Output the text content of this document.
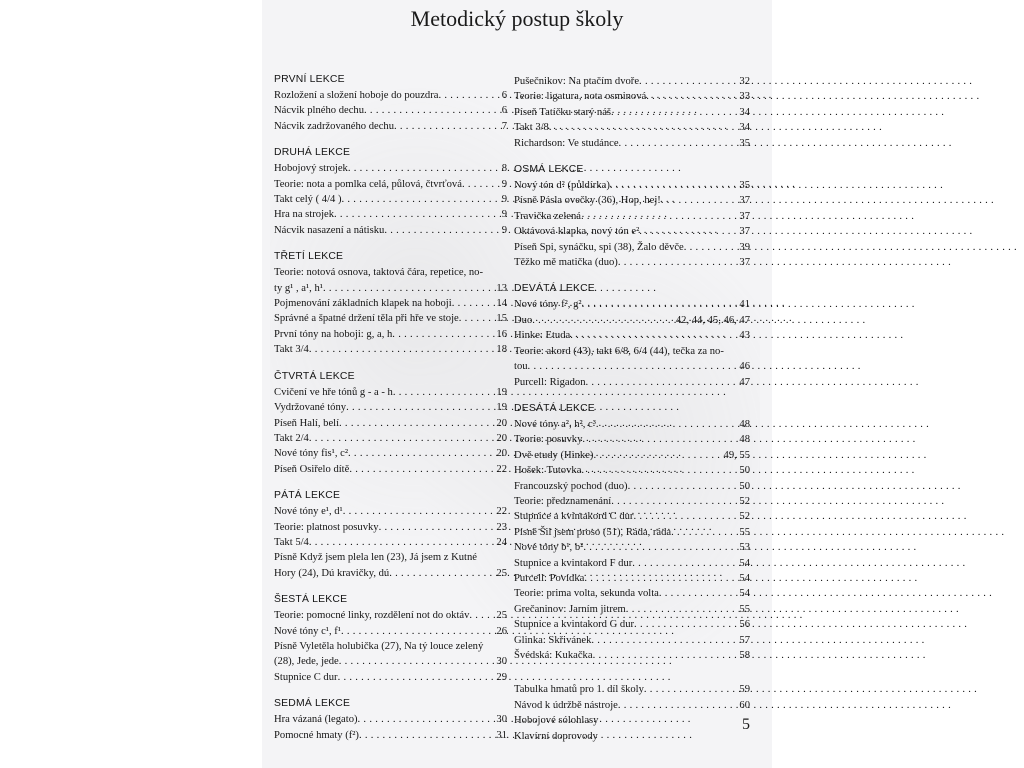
Metodický postup školy
PRVNÍ LEKCE
Rozložení a složení hoboje do pouzdra . . .	6
Nácvik plného dechu . . .	6
Nácvik zadržovaného dechu . . .	7
DRUHÁ LEKCE
Hobojový strojek . . .	8
Teorie: nota a pomlka celá, půlová, čtvrťová . . .	9
Takt celý ( 4/4 ) . . .	9
Hra na strojek . . .	9
Nácvik nasazení a nátisku . . .	9
TŘETÍ LEKCE
Teorie: notová osnova, taktová čára, repetice, no-
ty g¹ , a¹, h¹ . . .	13
Pojmenování základních klapek na hoboji . . .	14
Správné a špatné držení těla při hře ve stoje . . .	15
První tóny na hoboji: g, a, h . . .	16
Takt 3/4 . . .	18
ČTVRTÁ LEKCE
Cvičení ve hře tónů g - a - h . . .	19
Vydržované tóny . . .	19
Píseň Halí, belí . . .	20
Takt 2/4 . . .	20
Nové tóny fis¹, c² . . .	20
Píseň Osiřelo dítě . . .	22
PÁTÁ LEKCE
Nové tóny e¹, d¹ . . .	22
Teorie: platnost posuvky . . .	23
Takt 5/4 . . .	24
Písně Když jsem plela len (23), Já jsem z Kutné
Hory (24), Dú kravičky, dú . . .	25
ŠESTÁ LEKCE
Teorie: pomocné linky, rozdělení not do oktáv . . .	25
Nové tóny c¹, f¹ . . .	26
Písně Vyletěla holubička (27), Na tý louce zelený
(28), Jede, jede . . .	30
Stupnice C dur . . .	29
SEDMÁ LEKCE
Hra vázaná (legato) . . .	30
Pomocné hmaty (f²) . . .	31
Pušečnikov: Na ptačím dvoře . . .	32
Teorie: ligatura, nota osminová . . .	33
Píseň Tatíčku starý náš . . .	34
Takt 3/8 . . .	34
Richardson: Ve studánce . . .	35
OSMÁ LEKCE
Nový tón d² (půldírka) . . .	35
Písně Pásla ovečky (36), Hop, hej! . . .	37
Travička zelená . . .	37
Oktávová klapka, nový tón e² . . .	37
Píseň Spi, synáčku, spi (38), Žalo děvče . . .	39
Těžko mě matička (duo) . . .	37
DEVÁTÁ LEKCE
Nové tóny f², g² . . .	41
Duo . . .	42, 44, 45, 46, 47
Hinke: Etuda . . .	43
Teorie: akord (43), takt 6/8, 6/4 (44), tečka za no-
tou . . .	46
Purcell: Rigadon . . .	47
DESÁTÁ LEKCE
Nové tóny a², h², c³ . . .	48
Teorie: posuvky . . .	48
Dvě etudy (Hinke) . . .	49, 55
Hošek: Tutovka . . .	50
Francouzský pochod (duo) . . .	50
Teorie: předznamenání . . .	52
Stupnice a kvintakord C dur . . .	52
Písně Šil jsem proso (51), Ráda, ráda . . .	55
Nové tóny b¹, b² . . .	53
Stupnice a kvintakord F dur . . .	54
Purcell: Povídka . . .	54
Teorie: prima volta, sekunda volta . . .	54
Grečaninov: Jarním jitrem . . .	55
Stupnice a kvintakord G dur . . .	56
Glinka: Skřivánek . . .	57
Švédská: Kukačka . . .	58
Tabulka hmatů pro 1. díl školy . . .	59
Návod k údržbě nástroje . . .	60
Hobojové sólohlasy
Klavírní doprovody
5
